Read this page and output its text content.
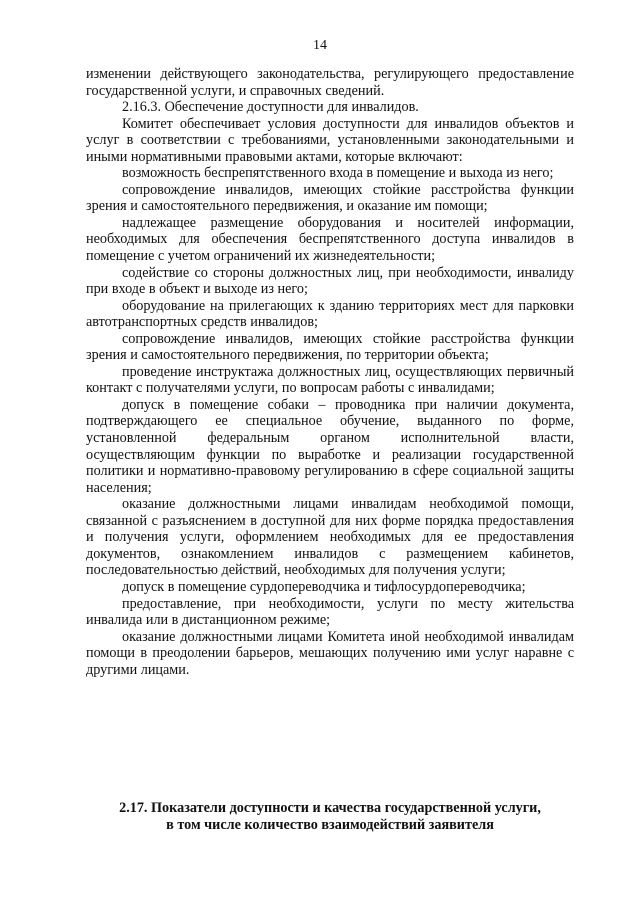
14

изменении действующего законодательства, регулирующего предоставление государственной услуги, и справочных сведений.

2.16.3. Обеспечение доступности для инвалидов.

Комитет обеспечивает условия доступности для инвалидов объектов и услуг в соответствии с требованиями, установленными законодательными и иными нормативными правовыми актами, которые включают:

возможность беспрепятственного входа в помещение и выхода из него;

сопровождение инвалидов, имеющих стойкие расстройства функции зрения и самостоятельного передвижения, и оказание им помощи;

надлежащее размещение оборудования и носителей информации, необходимых для обеспечения беспрепятственного доступа инвалидов в помещение с учетом ограничений их жизнедеятельности;

содействие со стороны должностных лиц, при необходимости, инвалиду при входе в объект и выходе из него;

оборудование на прилегающих к зданию территориях мест для парковки автотранспортных средств инвалидов;

сопровождение инвалидов, имеющих стойкие расстройства функции зрения и самостоятельного передвижения, по территории объекта;

проведение инструктажа должностных лиц, осуществляющих первичный контакт с получателями услуги, по вопросам работы с инвалидами;

допуск в помещение собаки – проводника при наличии документа, подтверждающего ее специальное обучение, выданного по форме, установленной федеральным органом исполнительной власти, осуществляющим функции по выработке и реализации государственной политики и нормативно-правовому регулированию в сфере социальной защиты населения;

оказание должностными лицами инвалидам необходимой помощи, связанной с разъяснением в доступной для них форме порядка предоставления и получения услуги, оформлением необходимых для ее предоставления документов, ознакомлением инвалидов с размещением кабинетов, последовательностью действий, необходимых для получения услуги;

допуск в помещение сурдопереводчика и тифлосурдопереводчика;

предоставление, при необходимости, услуги по месту жительства инвалида или в дистанционном режиме;

оказание должностными лицами Комитета иной необходимой инвалидам помощи в преодолении барьеров, мешающих получению ими услуг наравне с другими лицами.

2.17. Показатели доступности и качества государственной услуги,
в том числе количество взаимодействий заявителя
